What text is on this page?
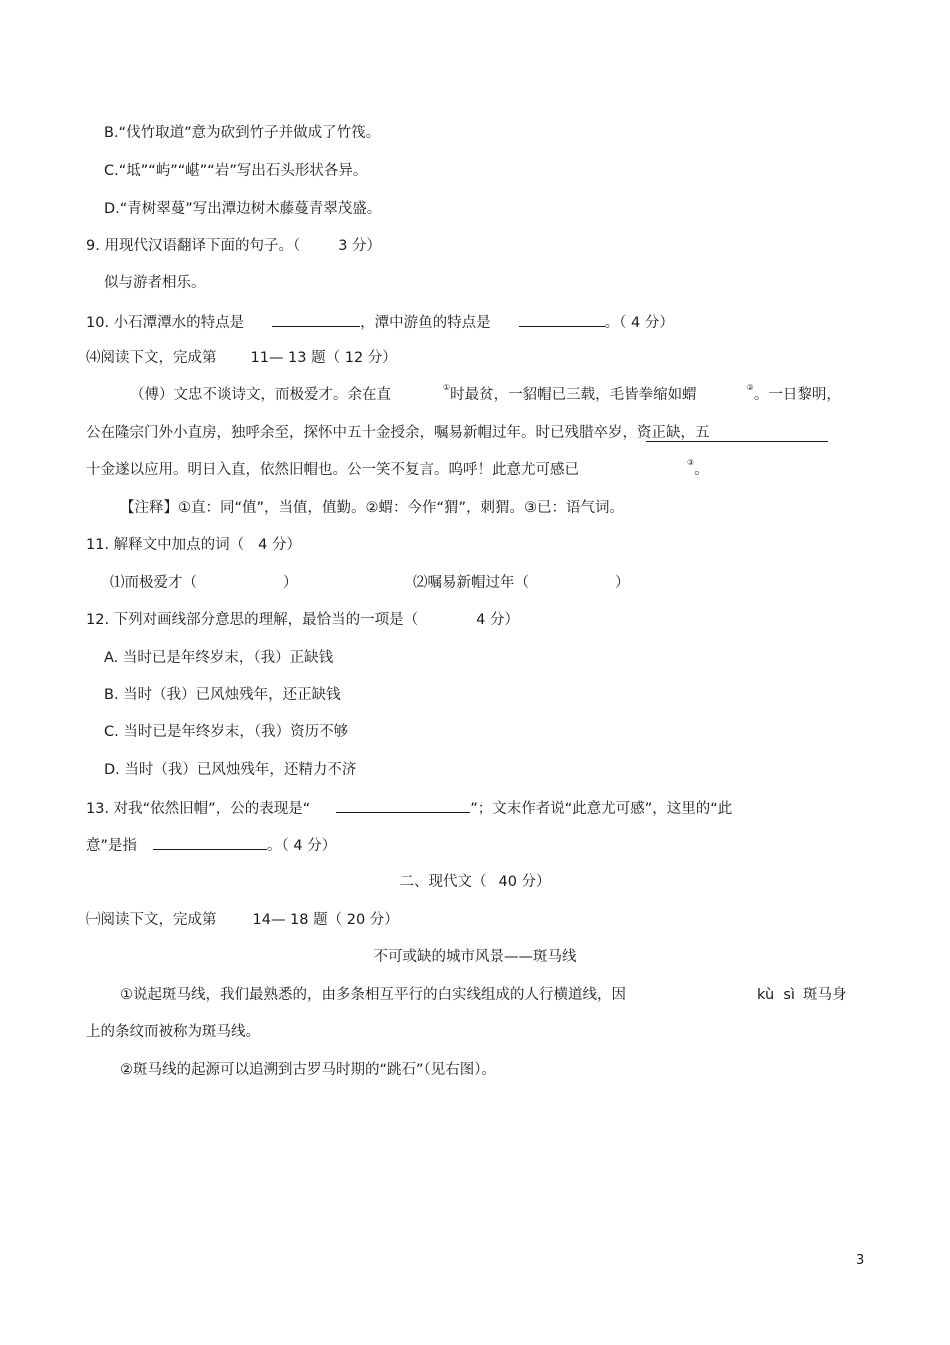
B.“伐竹取道”意为砍到竹子并做成了竹筏。
C.“坻”“屿”“嵁”“岩”写出石头形状各异。
D.“青树翠蔓”写出潭边树木藤蔓青翠茂盛。
9. 用现代汉语翻译下面的句子。（	3 分）
似与游者相乐。
10. 小石潭潭水的特点是	，潭中游鱼的特点是	。（ 4 分）
⑷阅读下文，完成第 11— 13 题（ 12 分）
（傅）文忠不谈诗文，而极爱才。余在直	①时最贫，一貂帽已三载，毛皆拳缩如蝟	②。一日黎明，
公在隆宗门外小直房，独呼余至，探怀中五十金授余，嘱易新帽过年。时已残腊卒岁，资正缺，五
十金遂以应用。明日入直，依然旧帽也。公一笑不复言。呜呼！此意尤可感已	③。
【注释】①直：同“值”，当值，值勤。②蝟：今作“猬”，刺猬。③已：语气词。
11. 解释文中加点的词（ 4 分）
⑴而极爱才（	）	⑵嘱易新帽过年（	）
12. 下列对画线部分意思的理解，最恰当的一项是（	4 分）
A. 当时已是年终岁末，（我）正缺钱
B. 当时（我）已风烛残年，还正缺钱
C. 当时已是年终岁末，（我）资历不够
D. 当时（我）已风烛残年，还精力不济
13. 对我“依然旧帽”，公的表现是“	”；文末作者说“此意尤可感”，这里的“此
意”是指	。（ 4 分）
二、现代文（ 40 分）
㈠阅读下文，完成第 14— 18 题（ 20 分）
不可或缺的城市风景——斑马线
①说起斑马线，我们最熟悉的，由多条相互平行的白实线组成的人行横道线，因	kù  sì 斑马身
上的条纹而被称为斑马线。
②斑马线的起源可以追溯到古罗马时期的“跳石”（见右图）。
3
